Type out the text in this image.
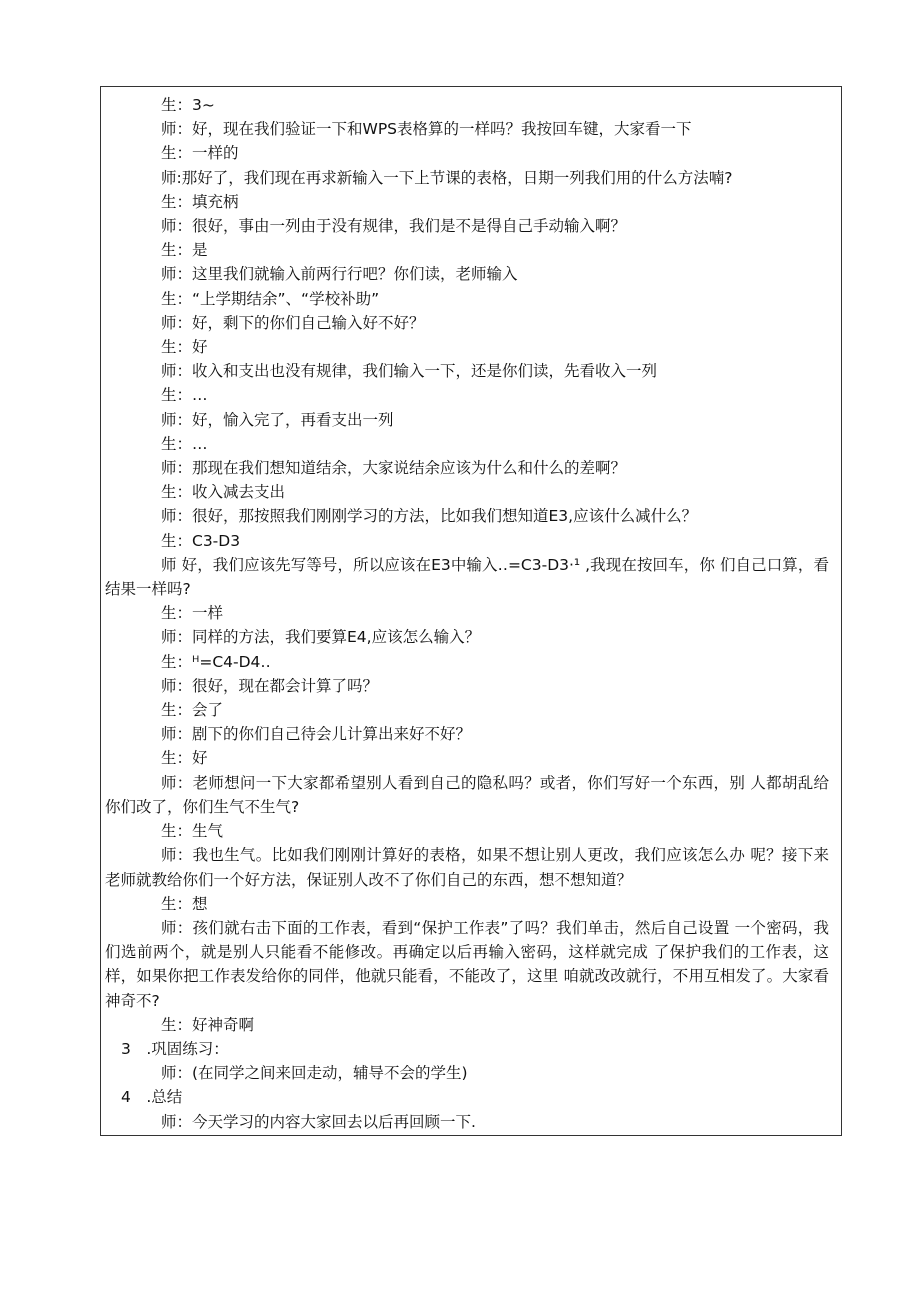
生：3~
师：好，现在我们验证一下和WPS表格算的一样吗？我按回车键，大家看一下
生：一样的
师:那好了，我们现在再求新输入一下上节课的表格，日期一列我们用的什么方法喃?
生：填充柄
师：很好，事由一列由于没有规律，我们是不是得自己手动输入啊？
生：是
师：这里我们就输入前两行行吧？你们读，老师输入
生：“上学期结余”、“学校补助”
师：好，剩下的你们自己输入好不好？
生：好
师：收入和支出也没有规律，我们输入一下，还是你们读，先看收入一列
生：…
师：好，愉入完了，再看支出一列
生：…
师：那现在我们想知道结余，大家说结余应该为什么和什么的差啊？
生：收入减去支出
师：很好，那按照我们刚刚学习的方法，比如我们想知道E3,应该什么减什么？
生：C3-D3
师 好，我们应该先写等号，所以应该在E3中输入‥=C3-D3·¹ ,我现在按回车，你 们自己口算，看结果一样吗?
生：一样
师：同样的方法，我们要算E4,应该怎么输入？
生：ᴴ=C4-D4‥
师：很好，现在都会计算了吗？
生：会了
师：剧下的你们自己待会儿计算出来好不好？
生：好
师：老师想问一下大家都希望别人看到自己的隐私吗？或者，你们写好一个东西，别 人都胡乱给你们改了，你们生气不生气?
生：生气
师：我也生气。比如我们刚刚计算好的表格，如果不想让别人更改，我们应该怎么办 呢？接下来老师就教给你们一个好方法，保证别人改不了你们自己的东西，想不想知道？
生：想
师：孩们就右击下面的工作表，看到“保护工作表”了吗？我们单击，然后自己设置 一个密码，我们选前两个，就是别人只能看不能修改。再确定以后再输入密码，这样就完成 了保护我们的工作表，这样，如果你把工作表发给你的同伴，他就只能看，不能改了，这里 咱就改改就行，不用互相发了。大家看神奇不?
生：好神奇啊
3　.巩固练习：
师：(在同学之间来回走动，辅导不会的学生)
4　.总结
师：今天学习的内容大家回去以后再回顾一下.
